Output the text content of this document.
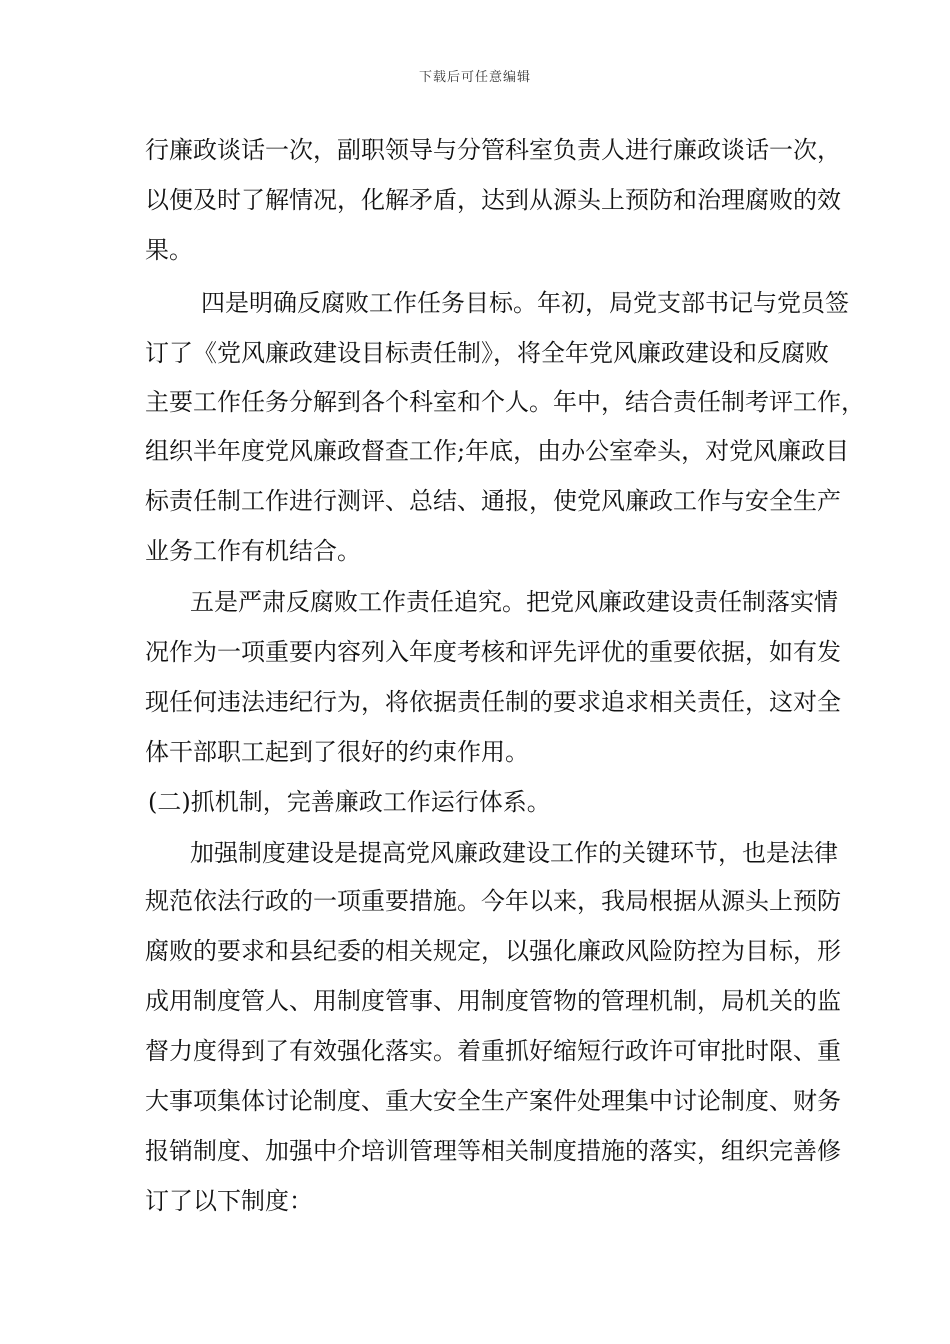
下载后可任意编辑
行廉政谈话一次，副职领导与分管科室负责人进行廉政谈话一次，
以便及时了解情况，化解矛盾，达到从源头上预防和治理腐败的效
果。
四是明确反腐败工作任务目标。年初，局党支部书记与党员签
订了《党风廉政建设目标责任制》，将全年党风廉政建设和反腐败
主要工作任务分解到各个科室和个人。年中，结合责任制考评工作，
组织半年度党风廉政督查工作;年底，由办公室牵头，对党风廉政目
标责任制工作进行测评、总结、通报，使党风廉政工作与安全生产
业务工作有机结合。
五是严肃反腐败工作责任追究。把党风廉政建设责任制落实情
况作为一项重要内容列入年度考核和评先评优的重要依据，如有发
现任何违法违纪行为，将依据责任制的要求追求相关责任，这对全
体干部职工起到了很好的约束作用。
(二)抓机制，完善廉政工作运行体系。
加强制度建设是提高党风廉政建设工作的关键环节，也是法律
规范依法行政的一项重要措施。今年以来，我局根据从源头上预防
腐败的要求和县纪委的相关规定，以强化廉政风险防控为目标，形
成用制度管人、用制度管事、用制度管物的管理机制，局机关的监
督力度得到了有效强化落实。着重抓好缩短行政许可审批时限、重
大事项集体讨论制度、重大安全生产案件处理集中讨论制度、财务
报销制度、加强中介培训管理等相关制度措施的落实，组织完善修
订了以下制度：
